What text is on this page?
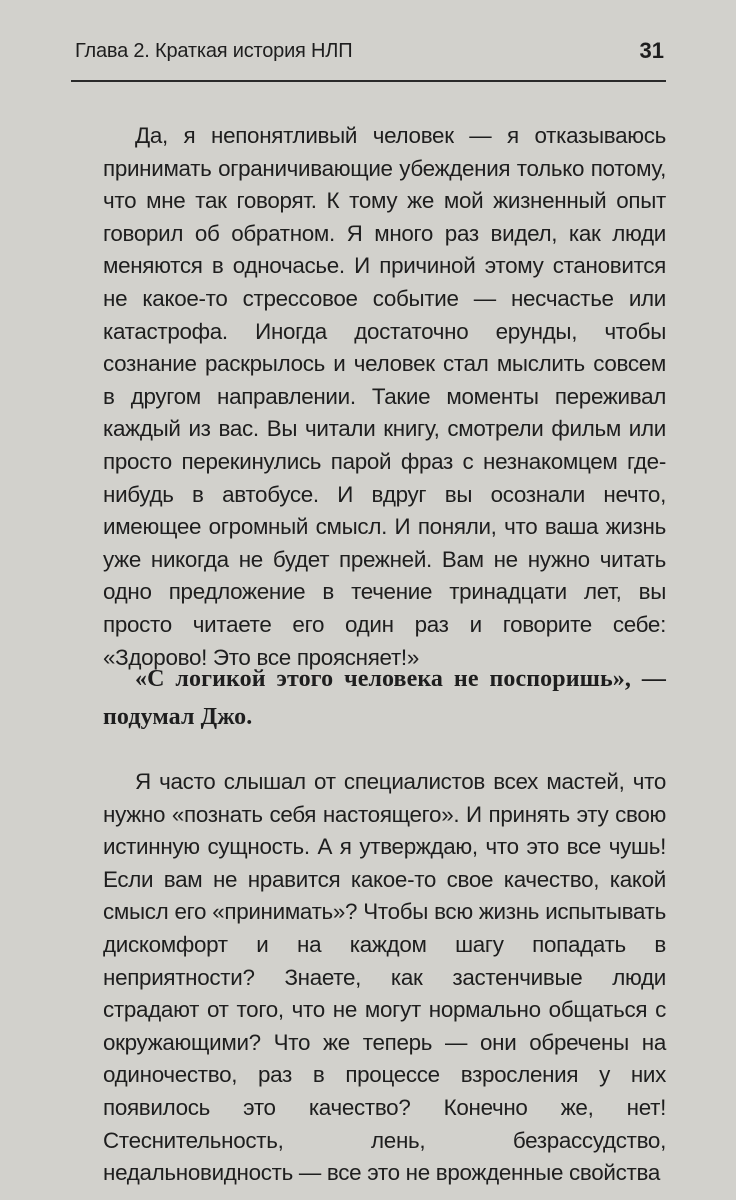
Глава 2. Краткая история НЛП	31

Да, я непонятливый человек — я отказываюсь принимать ограничивающие убеждения только потому, что мне так говорят. К тому же мой жизненный опыт говорил об обратном. Я много раз видел, как люди меняются в одночасье. И причиной этому становится не какое-то стрессовое событие — несчастье или катастрофа. Иногда достаточно ерунды, чтобы сознание раскрылось и человек стал мыслить совсем в другом направлении. Такие моменты переживал каждый из вас. Вы читали книгу, смотрели фильм или просто перекинулись парой фраз с незнакомцем где-нибудь в автобусе. И вдруг вы осознали нечто, имеющее огромный смысл. И поняли, что ваша жизнь уже никогда не будет прежней. Вам не нужно читать одно предложение в течение тринадцати лет, вы просто читаете его один раз и говорите себе: «Здорово! Это все проясняет!»

«С логикой этого человека не поспоришь», — подумал Джо.

Я часто слышал от специалистов всех мастей, что нужно «познать себя настоящего». И принять эту свою истинную сущность. А я утверждаю, что это все чушь! Если вам не нравится какое-то свое качество, какой смысл его «принимать»? Чтобы всю жизнь испытывать дискомфорт и на каждом шагу попадать в неприятности? Знаете, как застенчивые люди страдают от того, что не могут нормально общаться с окружающими? Что же теперь — они обречены на одиночество, раз в процессе взросления у них появилось это качество? Конечно же, нет! Стеснительность, лень, безрассудство, недальновидность — все это не врожденные свойства
